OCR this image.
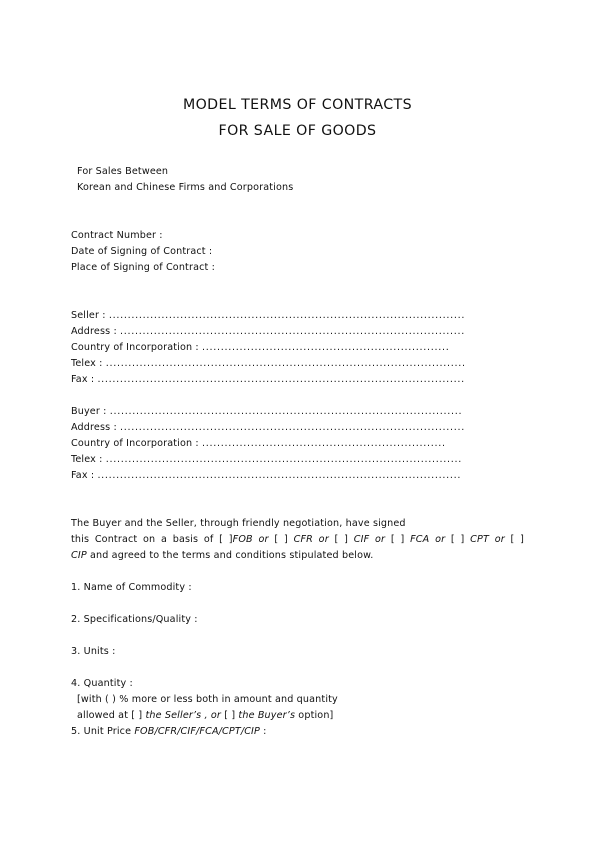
MODEL TERMS OF CONTRACTS
FOR SALE OF GOODS
For Sales Between
Korean and Chinese Firms and Corporations
Contract Number :
Date of Signing of Contract :
Place of Signing of Contract :
Seller :

.....
Address :

.....
Country of Incorporation :

.....
Telex :

.....
Fax :

.....
Buyer :

.....
Address :

.....
Country of Incorporation :

.....
Telex :

.....
Fax :

.....
The Buyer and the Seller, through friendly negotiation, have signed
this Contract on a basis of [ ]FOB or [ ] CFR or [ ] CIF or [ ] FCA or [ ] CPT or [ ]
CIP and agreed to the terms and conditions stipulated below.
1. Name of Commodity :
2. Specifications/Quality :
3. Units :
4. Quantity :
[with ( ) % more or less both in amount and quantity
allowed at [ ] the Seller’s , or [ ] the Buyer’s option]
5. Unit Price FOB/CFR/CIF/FCA/CPT/CIP :
